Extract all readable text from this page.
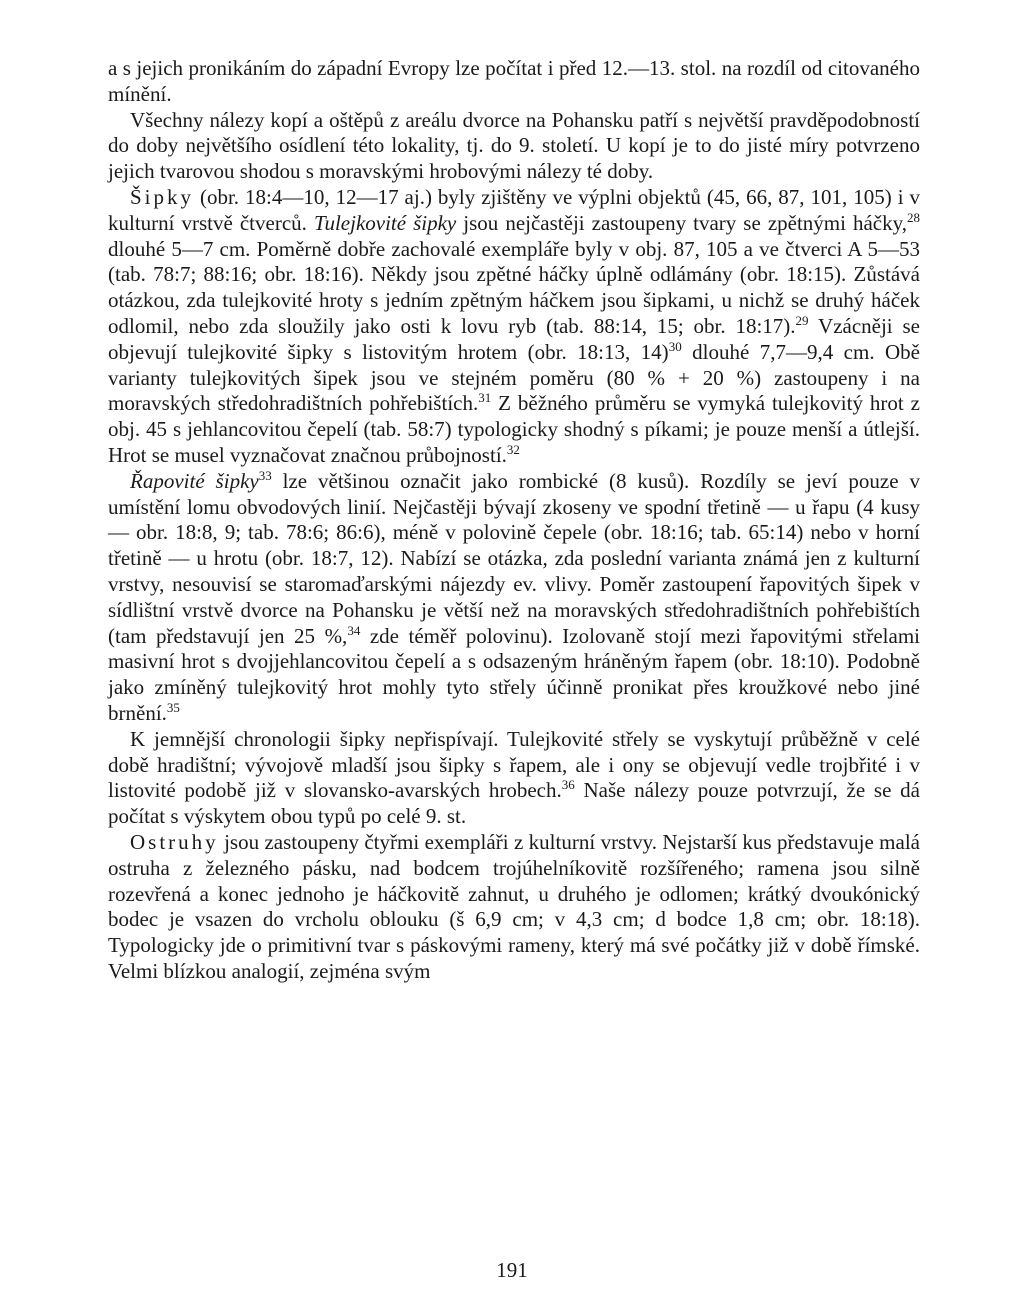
a s jejich pronikáním do západní Evropy lze počítat i před 12.—13. stol. na rozdíl od citovaného mínění.

Všechny nálezy kopí a oštěpů z areálu dvorce na Pohansku patří s největší pravděpodobností do doby největšího osídlení této lokality, tj. do 9. století. U kopí je to do jisté míry potvrzeno jejich tvarovou shodou s moravskými hrobovými nálezy té doby.

Šipky (obr. 18:4—10, 12—17 aj.) byly zjištěny ve výplni objektů (45, 66, 87, 101, 105) i v kulturní vrstvě čtverců. Tulejkovité šipky jsou nejčastěji zastoupeny tvary se zpětnými háčky,$^{28}$ dlouhé 5—7 cm. Poměrně dobře zachovalé exempláře byly v obj. 87, 105 a ve čtverci A 5—53 (tab. 78:7; 88:16; obr. 18:16). Někdy jsou zpětné háčky úplně odlámány (obr. 18:15). Zůstává otázkou, zda tulejkovité hroty s jedním zpětným háčkem jsou šipkami, u nichž se druhý háček odlomil, nebo zda sloužily jako osti k lovu ryb (tab. 88:14, 15; obr. 18:17).$^{29}$ Vzácněji se objevují tulejkovité šipky s listovitým hrotem (obr. 18:13, 14)$^{30}$ dlouhé 7,7—9,4 cm. Obě varianty tulejkovitých šipek jsou ve stejném poměru (80 % + 20 %) zastoupeny i na moravských středohradištních pohřebištích.$^{31}$ Z běžného průměru se vymyká tulejkovitý hrot z obj. 45 s jehlancovitou čepelí (tab. 58:7) typologicky shodný s píkami; je pouze menší a útlejší. Hrot se musel vyznačovat značnou průbojností.$^{32}$

Řapovité šipky$^{33}$ lze většinou označit jako rombické (8 kusů). Rozdíly se jeví pouze v umístění lomu obvodových linií. Nejčastěji bývají zkoseny ve spodní třetině — u řapu (4 kusy — obr. 18:8, 9; tab. 78:6; 86:6), méně v polovině čepele (obr. 18:16; tab. 65:14) nebo v horní třetině — u hrotu (obr. 18:7, 12). Nabízí se otázka, zda poslední varianta známá jen z kulturní vrstvy, nesouvisí se staromaďarskými nájezdy ev. vlivy. Poměr zastoupení řapovitých šipek v sídlištní vrstvě dvorce na Pohansku je větší než na moravských středohradištních pohřebištích (tam představují jen 25 %,$^{34}$ zde téměř polovinu). Izolovaně stojí mezi řapovitými střelami masivní hrot s dvojjehlancovitou čepelí a s odsazeným hráněným řapem (obr. 18:10). Podobně jako zmíněný tulejkovitý hrot mohly tyto střely účinně pronikat přes kroužkové nebo jiné brnění.$^{35}$

K jemnější chronologii šipky nepřispívají. Tulejkovité střely se vyskytují průběžně v celé době hradištní; vývojově mladší jsou šipky s řapem, ale i ony se objevují vedle trojbřité i v listovité podobě již v slovansko-avarských hrobech.$^{36}$ Naše nálezy pouze potvrzují, že se dá počítat s výskytem obou typů po celé 9. st.

Ostruhy jsou zastoupeny čtyřmi exempláři z kulturní vrstvy. Nejstarší kus představuje malá ostruha z železného pásku, nad bodcem trojúhelníkovitě rozšířeného; ramena jsou silně rozevřená a konec jednoho je háčkovitě zahnut, u druhého je odlomen; krátký dvoukónický bodec je vsazen do vrcholu oblouku (š 6,9 cm; v 4,3 cm; d bodce 1,8 cm; obr. 18:18). Typologicky jde o primitivní tvar s páskovými rameny, který má své počátky již v době římské. Velmi blízkou analogií, zejména svým

191
